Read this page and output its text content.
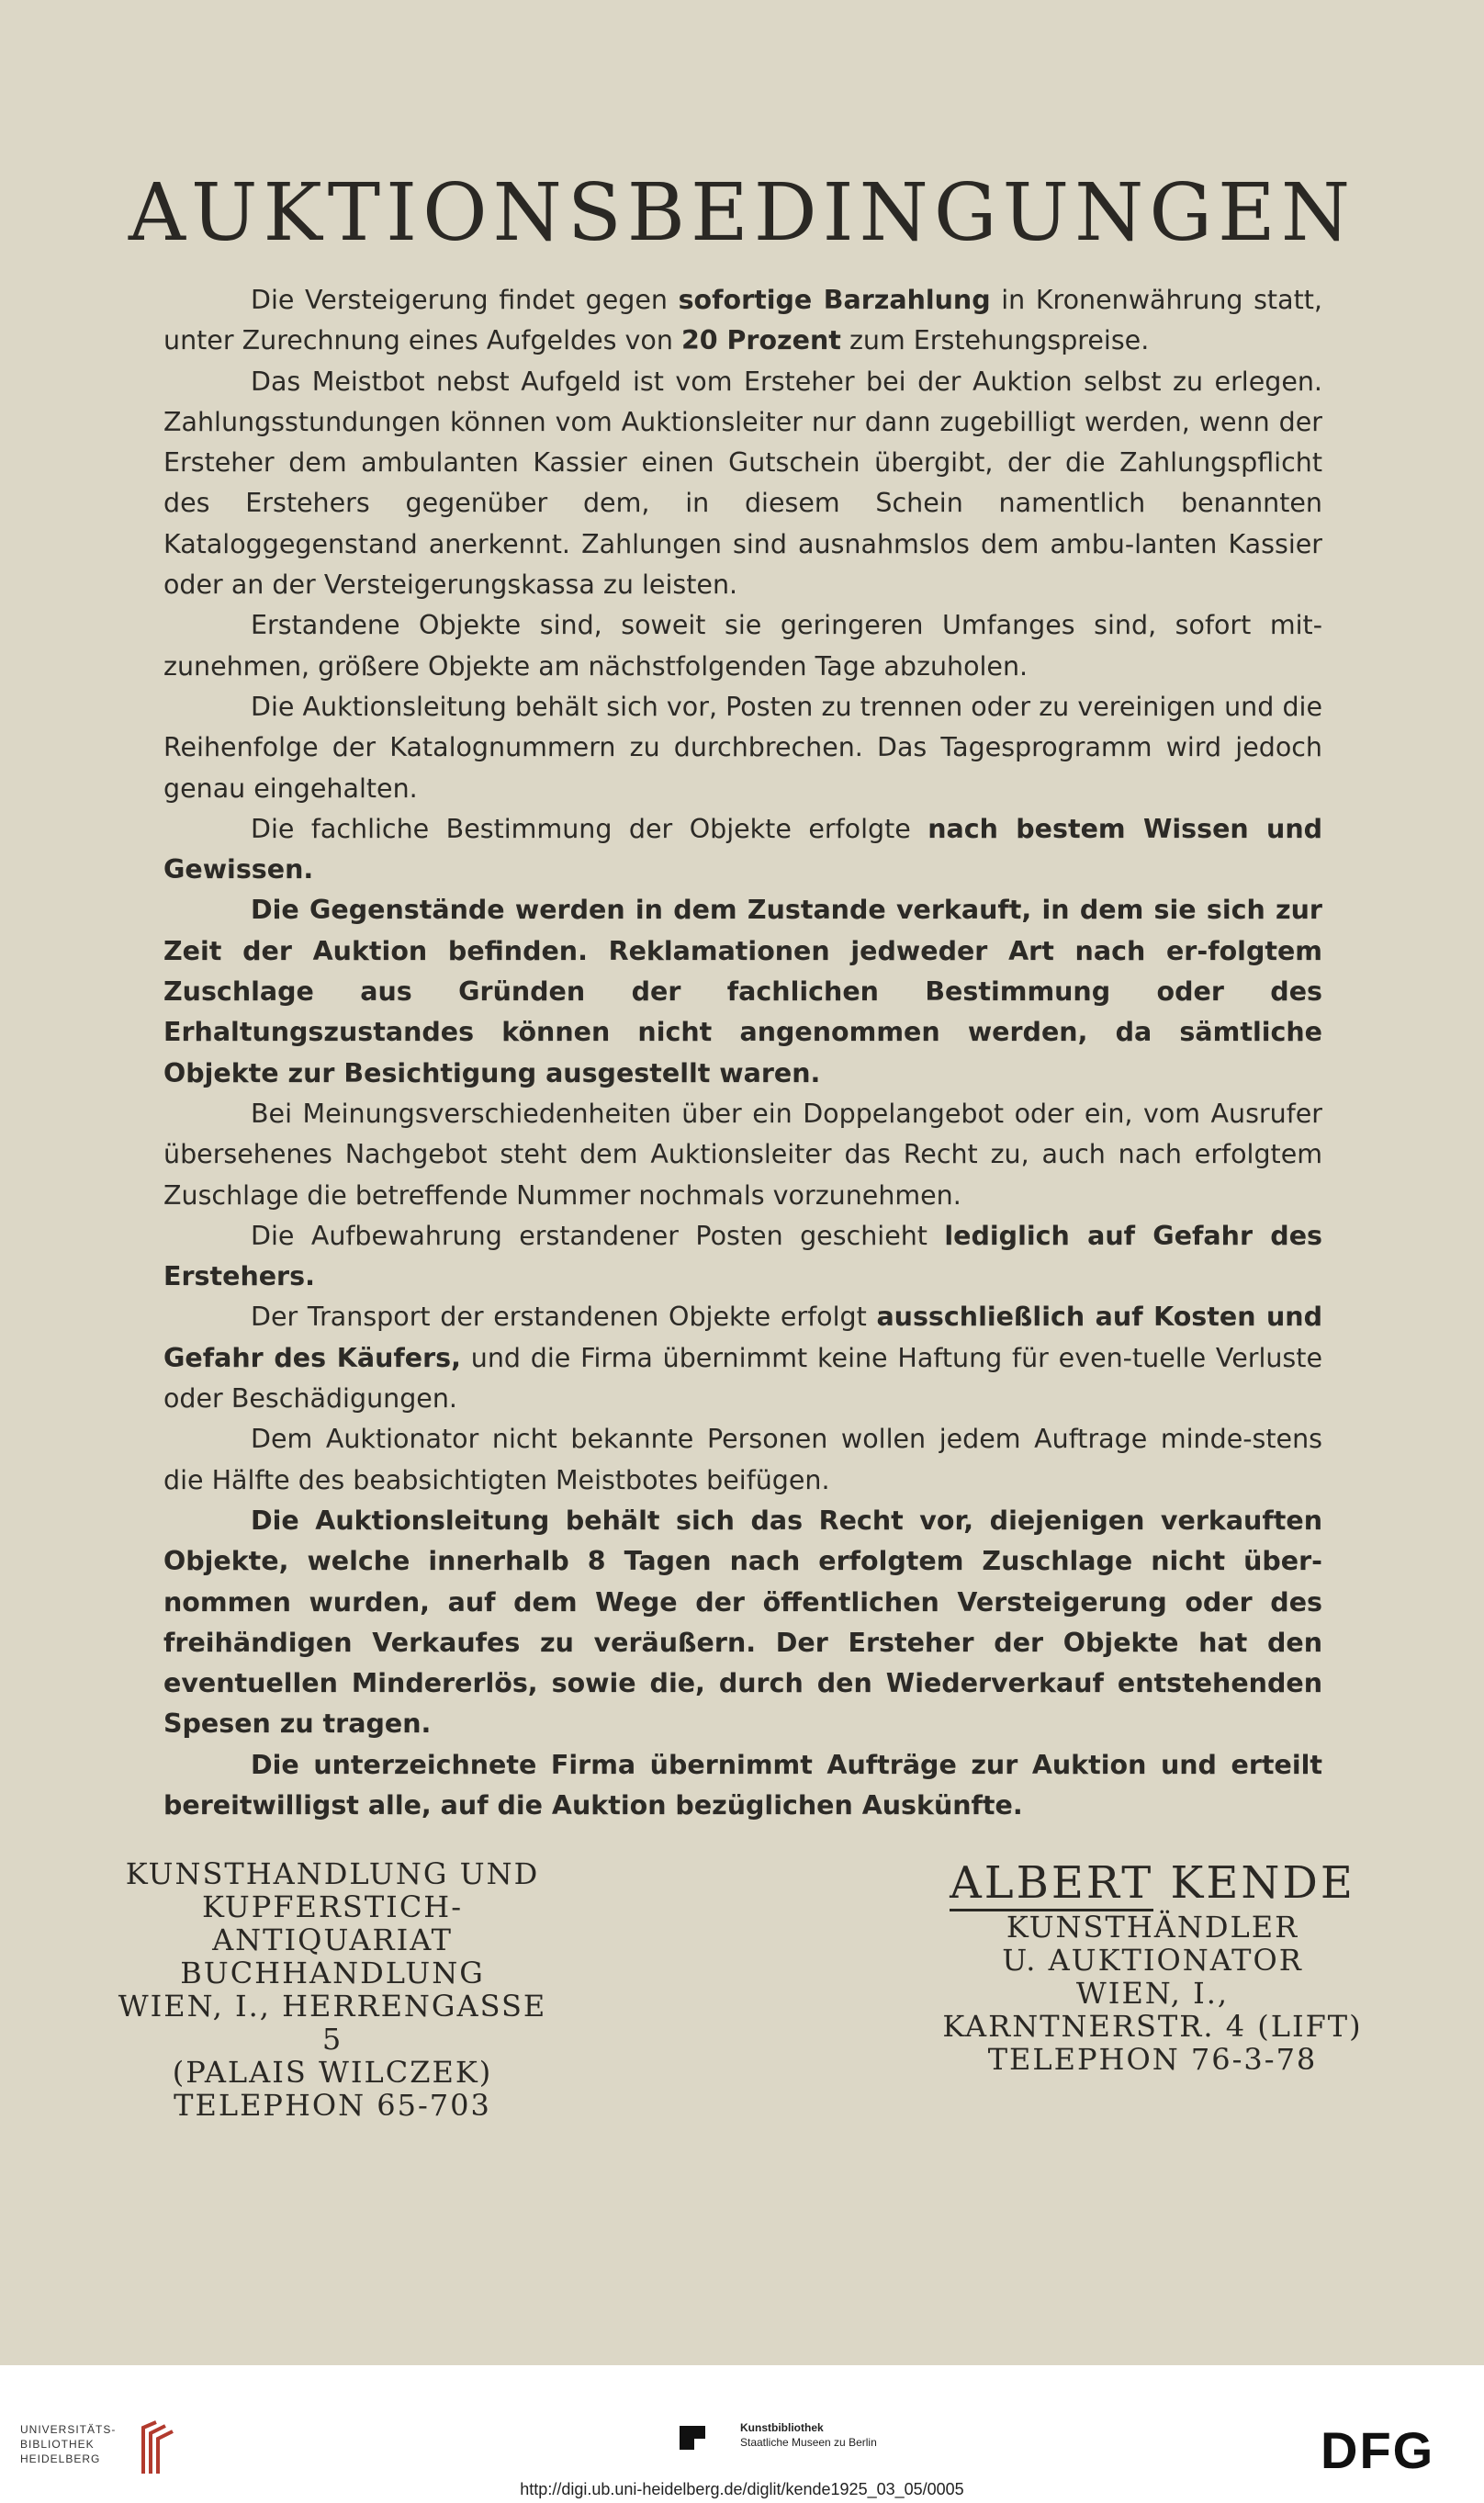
AUKTIONSBEDINGUNGEN

Die Versteigerung findet gegen sofortige Barzahlung in Kronenwährung statt, unter Zurechnung eines Aufgeldes von 20 Prozent zum Erstehungspreise.

Das Meistbot nebst Aufgeld ist vom Ersteher bei der Auktion selbst zu erlegen. Zahlungsstundungen können vom Auktionsleiter nur dann zugebilligt werden, wenn der Ersteher dem ambulanten Kassier einen Gutschein übergibt, der die Zahlungspflicht des Erstehers gegenüber dem, in diesem Schein namentlich benannten Kataloggegenstand anerkennt. Zahlungen sind ausnahmslos dem ambu-lanten Kassier oder an der Versteigerungskassa zu leisten.

Erstandene Objekte sind, soweit sie geringeren Umfanges sind, sofort mit-zunehmen, größere Objekte am nächstfolgenden Tage abzuholen.

Die Auktionsleitung behält sich vor, Posten zu trennen oder zu vereinigen und die Reihenfolge der Katalognummern zu durchbrechen. Das Tagesprogramm wird jedoch genau eingehalten.

Die fachliche Bestimmung der Objekte erfolgte nach bestem Wissen und Gewissen.

Die Gegenstände werden in dem Zustande verkauft, in dem sie sich zur Zeit der Auktion befinden. Reklamationen jedweder Art nach er-folgtem Zuschlage aus Gründen der fachlichen Bestimmung oder des Erhaltungszustandes können nicht angenommen werden, da sämtliche Objekte zur Besichtigung ausgestellt waren.

Bei Meinungsverschiedenheiten über ein Doppelangebot oder ein, vom Ausrufer übersehenes Nachgebot steht dem Auktionsleiter das Recht zu, auch nach erfolgtem Zuschlage die betreffende Nummer nochmals vorzunehmen.

Die Aufbewahrung erstandener Posten geschieht lediglich auf Gefahr des Erstehers.

Der Transport der erstandenen Objekte erfolgt ausschließlich auf Kosten und Gefahr des Käufers, und die Firma übernimmt keine Haftung für even-tuelle Verluste oder Beschädigungen.

Dem Auktionator nicht bekannte Personen wollen jedem Auftrage minde-stens die Hälfte des beabsichtigten Meistbotes beifügen.

Die Auktionsleitung behält sich das Recht vor, diejenigen verkauften Objekte, welche innerhalb 8 Tagen nach erfolgtem Zuschlage nicht über-nommen wurden, auf dem Wege der öffentlichen Versteigerung oder des freihändigen Verkaufes zu veräußern. Der Ersteher der Objekte hat den eventuellen Mindererlös, sowie die, durch den Wiederverkauf entstehenden Spesen zu tragen.

Die unterzeichnete Firma übernimmt Aufträge zur Auktion und erteilt bereitwilligst alle, auf die Auktion bezüglichen Auskünfte.

KUNSTHANDLUNG UND
KUPFERSTICH-
ANTIQUARIAT
BUCHHANDLUNG
WIEN, I., HERRENGASSE 5
(PALAIS WILCZEK)
TELEPHON 65-703
ALBERT KENDE
KUNSTHÄNDLER
U. AUKTIONATOR
WIEN, I.,
KARNTNERSTR. 4 (LIFT)
TELEPHON 76-3-78
UNIVERSITÄTS-
BIBLIOTHEK
HEIDELBERG
Kunstbibliothek
Staatliche Museen zu Berlin	DFG
http://digi.ub.uni-heidelberg.de/diglit/kende1925_03_05/0005
